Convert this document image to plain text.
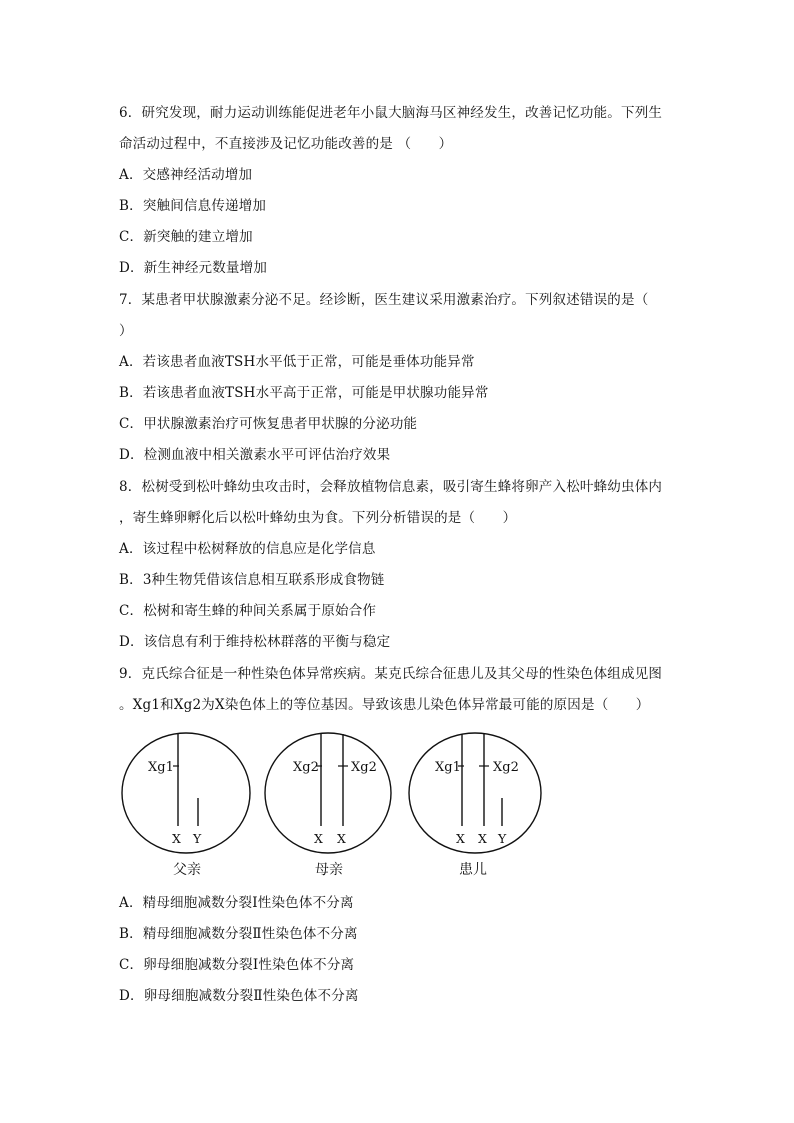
6．研究发现，耐力运动训练能促进老年小鼠大脑海马区神经发生，改善记忆功能。下列生
命活动过程中，不直接涉及记忆功能改善的是 （　　）
A．交感神经活动增加
B．突触间信息传递增加
C．新突触的建立增加
D．新生神经元数量增加
7．某患者甲状腺激素分泌不足。经诊断，医生建议采用激素治疗。下列叙述错误的是（
）
A．若该患者血液TSH水平低于正常，可能是垂体功能异常
B．若该患者血液TSH水平高于正常，可能是甲状腺功能异常
C．甲状腺激素治疗可恢复患者甲状腺的分泌功能
D．检测血液中相关激素水平可评估治疗效果
8．松树受到松叶蜂幼虫攻击时，会释放植物信息素，吸引寄生蜂将卵产入松叶蜂幼虫体内
，寄生蜂卵孵化后以松叶蜂幼虫为食。下列分析错误的是（　　）
A．该过程中松树释放的信息应是化学信息
B．3种生物凭借该信息相互联系形成食物链
C．松树和寄生蜂的种间关系属于原始合作
D．该信息有利于维持松林群落的平衡与稳定
9．克氏综合征是一种性染色体异常疾病。某克氏综合征患儿及其父母的性染色体组成见图
。Xg1和Xg2为X染色体上的等位基因。导致该患儿染色体异常最可能的原因是（　　）
Xg1
X Y
父亲
Xg2 Xg2
X X
母亲
Xg1 Xg2
X X Y
患儿
A．精母细胞减数分裂Ⅰ性染色体不分离
B．精母细胞减数分裂Ⅱ性染色体不分离
C．卵母细胞减数分裂Ⅰ性染色体不分离
D．卵母细胞减数分裂Ⅱ性染色体不分离
